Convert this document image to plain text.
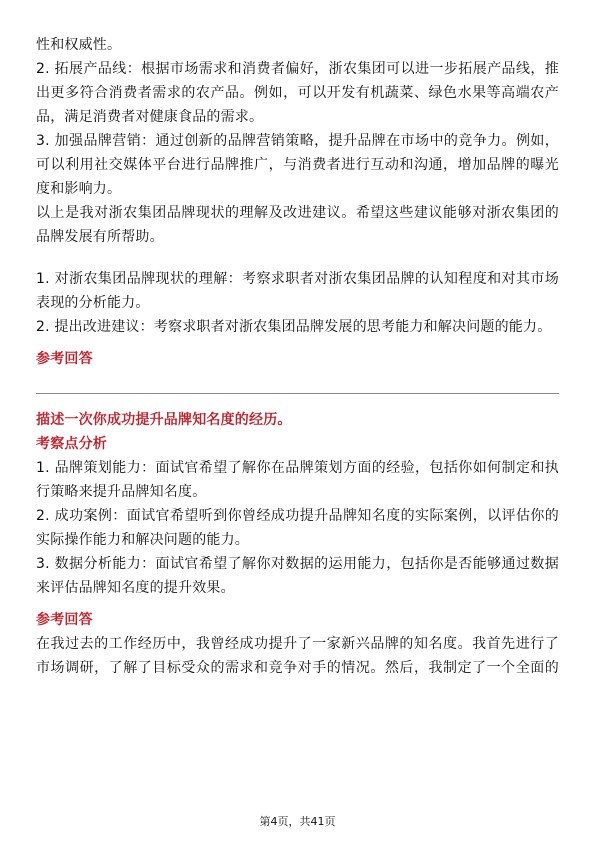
性和权威性。
2. 拓展产品线：根据市场需求和消费者偏好，浙农集团可以进一步拓展产品线，推
出更多符合消费者需求的农产品。例如，可以开发有机蔬菜、绿色水果等高端农产
品，满足消费者对健康食品的需求。
3. 加强品牌营销：通过创新的品牌营销策略，提升品牌在市场中的竞争力。例如，
可以利用社交媒体平台进行品牌推广，与消费者进行互动和沟通，增加品牌的曝光
度和影响力。
以上是我对浙农集团品牌现状的理解及改进建议。希望这些建议能够对浙农集团的
品牌发展有所帮助。
1. 对浙农集团品牌现状的理解：考察求职者对浙农集团品牌的认知程度和对其市场
表现的分析能力。
2. 提出改进建议：考察求职者对浙农集团品牌发展的思考能力和解决问题的能力。
参考回答
描述一次你成功提升品牌知名度的经历。
考察点分析
1. 品牌策划能力：面试官希望了解你在品牌策划方面的经验，包括你如何制定和执
行策略来提升品牌知名度。
2. 成功案例：面试官希望听到你曾经成功提升品牌知名度的实际案例，以评估你的
实际操作能力和解决问题的能力。
3. 数据分析能力：面试官希望了解你对数据的运用能力，包括你是否能够通过数据
来评估品牌知名度的提升效果。
参考回答
在我过去的工作经历中，我曾经成功提升了一家新兴品牌的知名度。我首先进行了
市场调研，了解了目标受众的需求和竞争对手的情况。然后，我制定了一个全面的
第4页，共41页
